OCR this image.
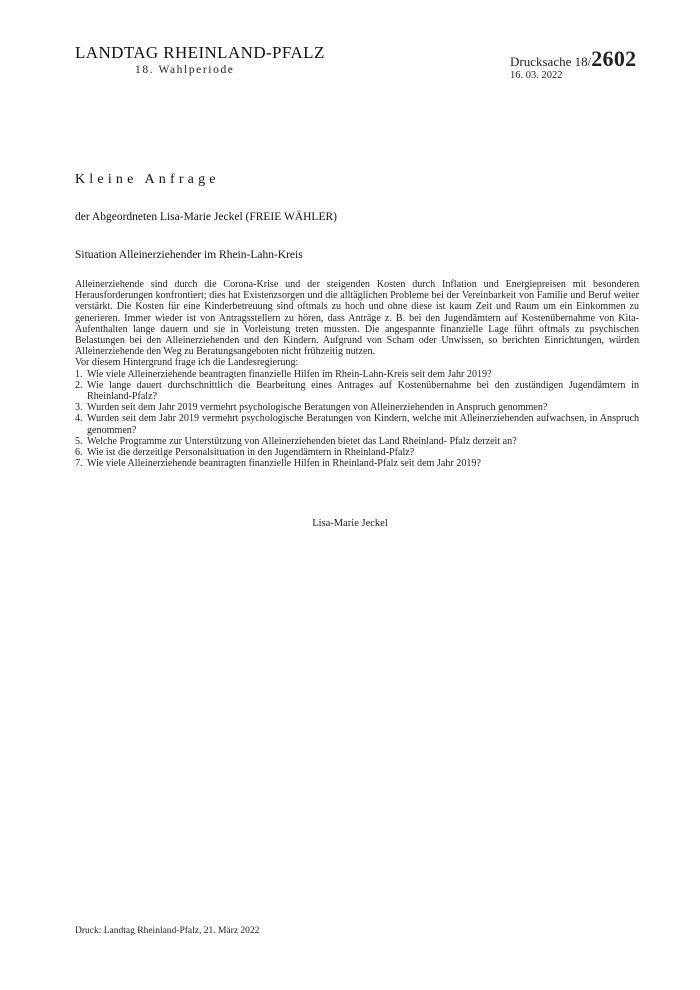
LANDTAG RHEINLAND-PFALZ
18. Wahlperiode
Drucksache 18/2602
16. 03. 2022
Kleine Anfrage
der Abgeordneten Lisa-Marie Jeckel (FREIE WÄHLER)
Situation Alleinerziehender im Rhein-Lahn-Kreis

Alleinerziehende sind durch die Corona-Krise und der steigenden Kosten durch Inflation und Energiepreisen mit besonderen Herausforderungen konfrontiert; dies hat Existenzsorgen und die alltäglichen Probleme bei der Vereinbarkeit von Familie und Beruf weiter verstärkt. Die Kosten für eine Kinderbetreuung sind oftmals zu hoch und ohne diese ist kaum Zeit und Raum um ein Einkommen zu generieren. Immer wieder ist von Antragsstellern zu hören, dass Anträge z. B. bei den Jugendämtern auf Kostenübernahme von Kita-Aufenthalten lange dauern und sie in Vorleistung treten mussten. Die angespannte finanzielle Lage führt oftmals zu psychischen Belastungen bei den Alleinerziehenden und den Kindern. Aufgrund von Scham oder Unwissen, so berichten Einrichtungen, würden Alleinerziehende den Weg zu Beratungsangeboten nicht frühzeitig nutzen.

Vor diesem Hintergrund frage ich die Landesregierung:

1. Wie viele Alleinerziehende beantragten finanzielle Hilfen im Rhein-Lahn-Kreis seit dem Jahr 2019?
2. Wie lange dauert durchschnittlich die Bearbeitung eines Antrages auf Kostenübernahme bei den zuständigen Jugendämtern in Rheinland-Pfalz?
3. Wurden seit dem Jahr 2019 vermehrt psychologische Beratungen von Alleinerziehenden in Anspruch genommen?
4. Wurden seit dem Jahr 2019 vermehrt psychologische Beratungen von Kindern, welche mit Alleinerziehenden aufwachsen, in Anspruch genommen?
5. Welche Programme zur Unterstützung von Alleinerziehenden bietet das Land Rheinland- Pfalz derzeit an?
6. Wie ist die derzeitige Personalsituation in den Jugendämtern in Rheinland-Pfalz?
7. Wie viele Alleinerziehende beantragten finanzielle Hilfen in Rheinland-Pfalz seit dem Jahr 2019?
Lisa-Marie Jeckel
Druck: Landtag Rheinland-Pfalz, 21. März 2022
